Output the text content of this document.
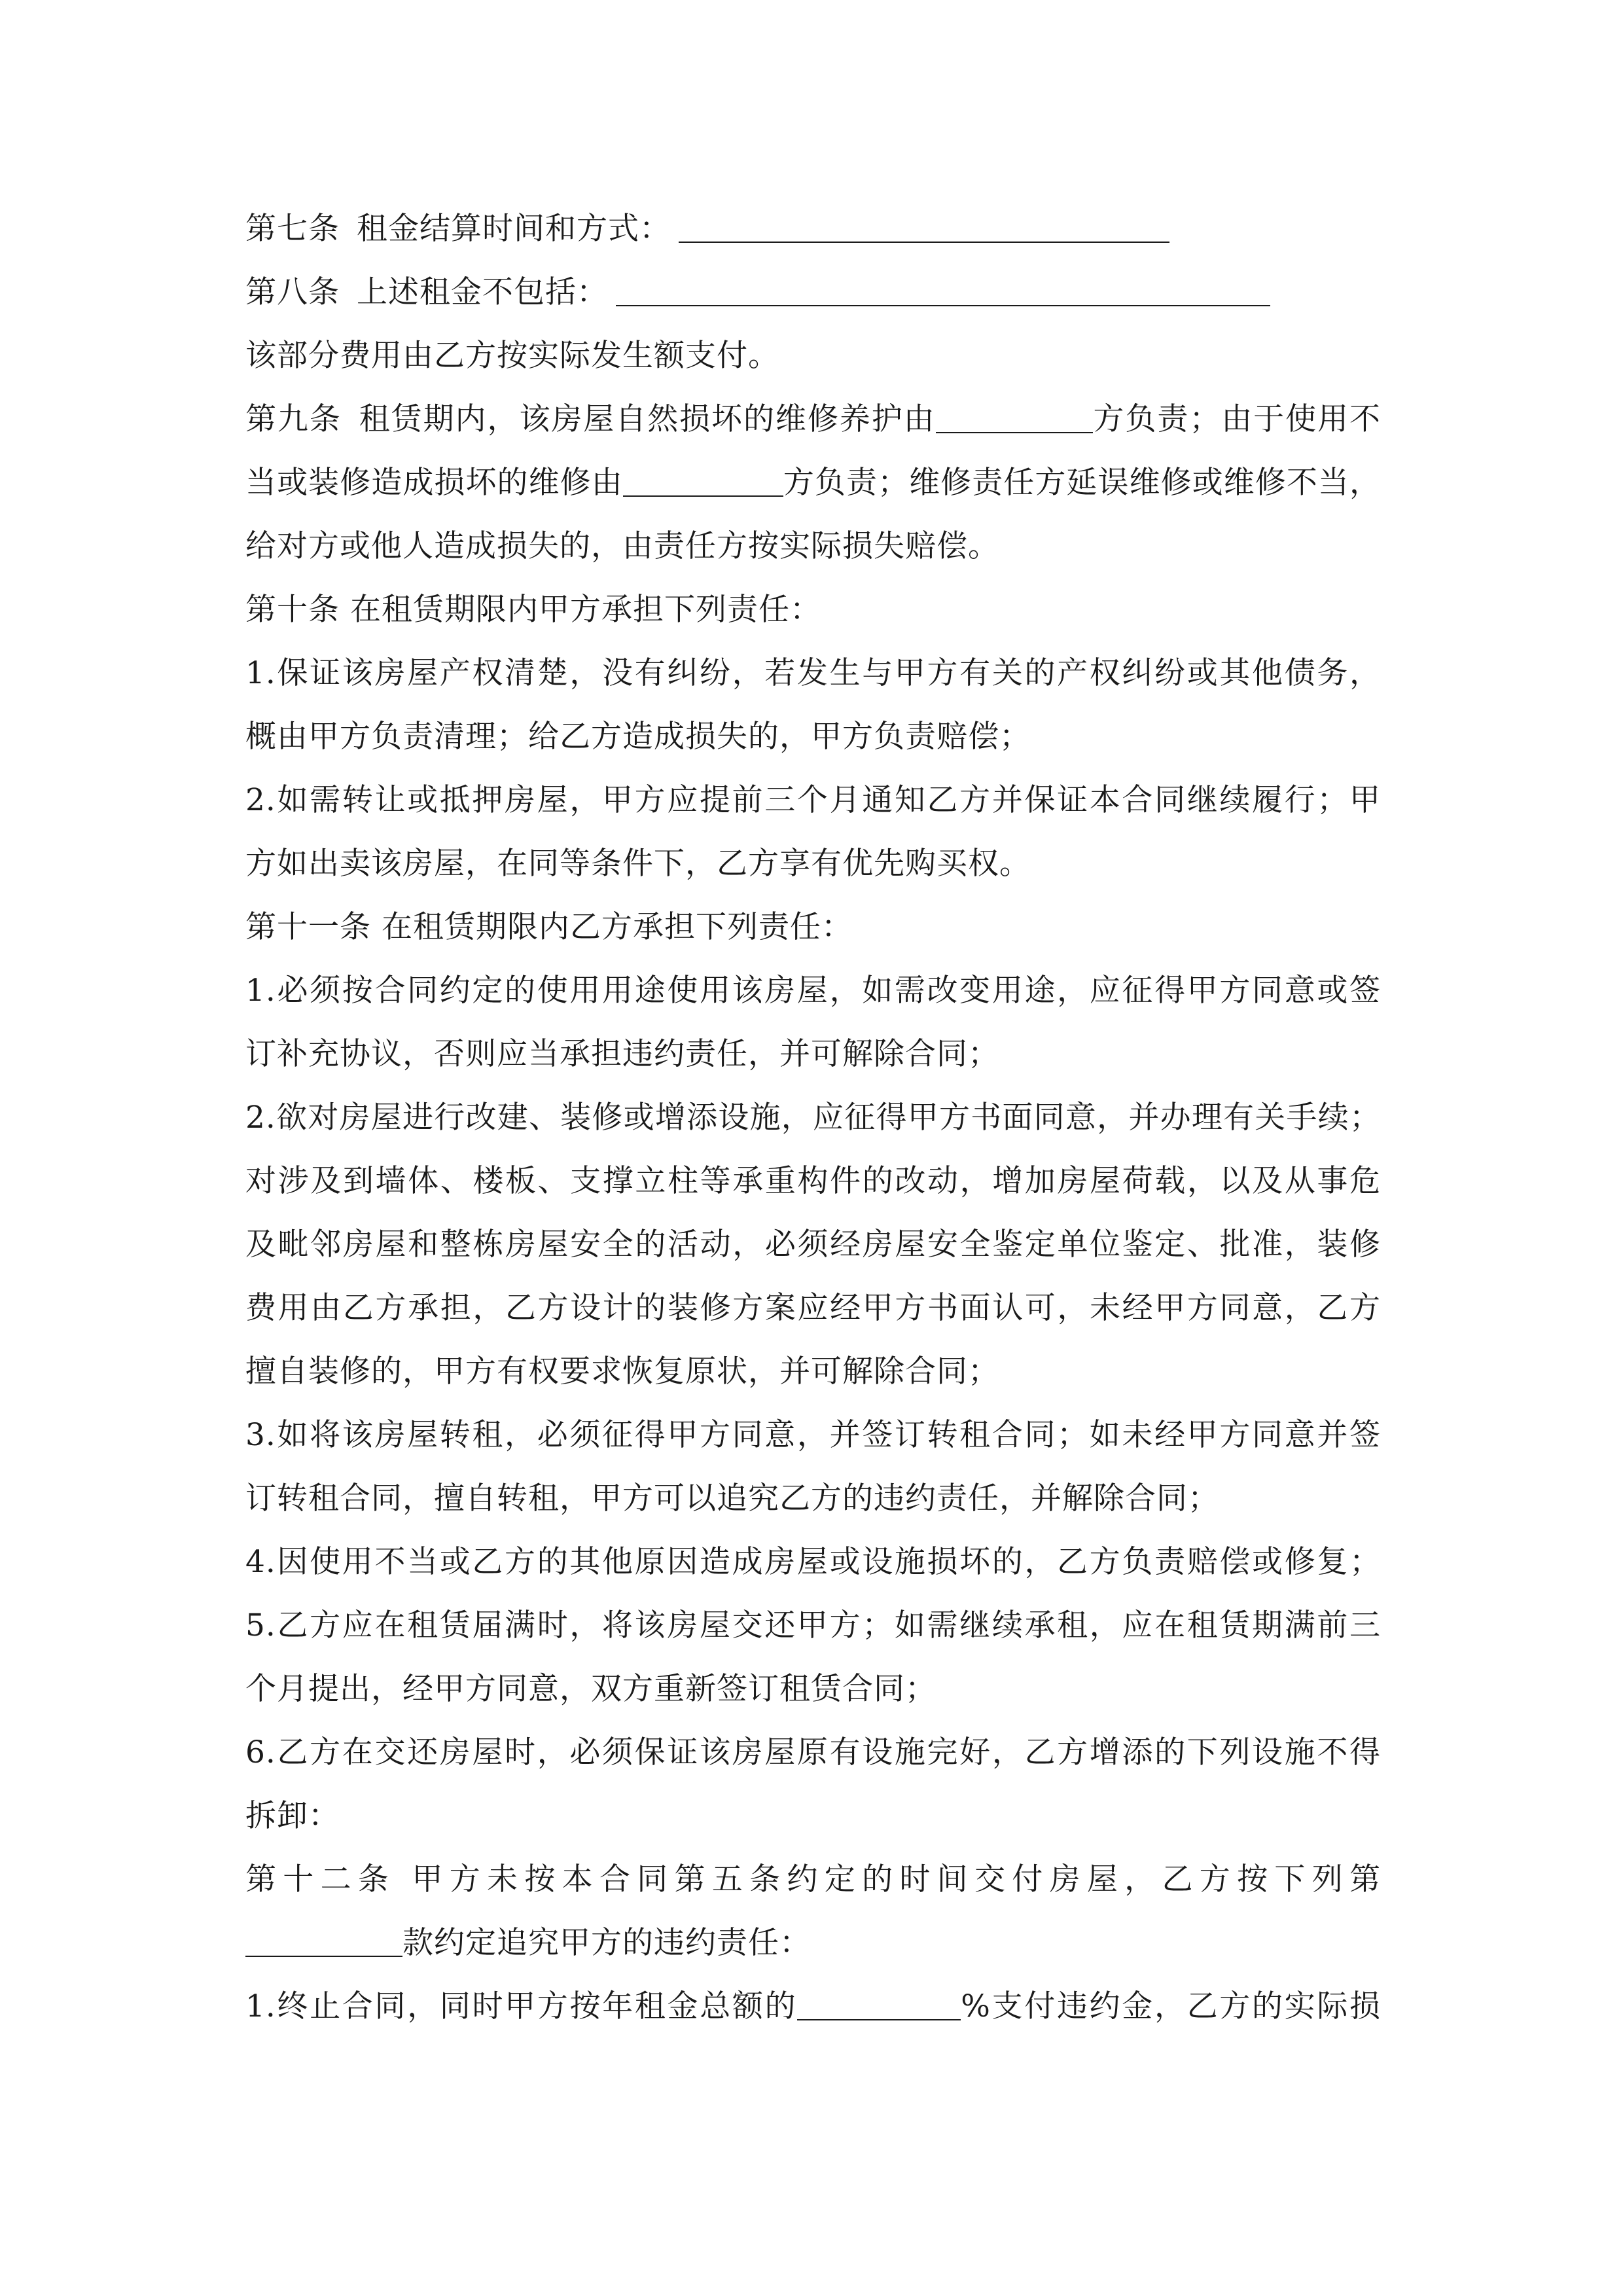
第七条 租金结算时间和方式：
第八条 上述租金不包括：
该部分费用由乙方按实际发生额支付。
第九条 租赁期内，该房屋自然损坏的维修养护由	方负责；由于使用不
当或装修造成损坏的维修由	方负责；维修责任方延误维修或维修不当，
给对方或他人造成损失的，由责任方按实际损失赔偿。
第十条 在租赁期限内甲方承担下列责任：
1.保证该房屋产权清楚，没有纠纷，若发生与甲方有关的产权纠纷或其他债务，
概由甲方负责清理；给乙方造成损失的，甲方负责赔偿；
2.如需转让或抵押房屋，甲方应提前三个月通知乙方并保证本合同继续履行；甲
方如出卖该房屋，在同等条件下，乙方享有优先购买权。
第十一条 在租赁期限内乙方承担下列责任：
1.必须按合同约定的使用用途使用该房屋，如需改变用途，应征得甲方同意或签
订补充协议，否则应当承担违约责任，并可解除合同；
2.欲对房屋进行改建、装修或增添设施，应征得甲方书面同意，并办理有关手续；
对涉及到墙体、楼板、支撑立柱等承重构件的改动，增加房屋荷载，以及从事危
及毗邻房屋和整栋房屋安全的活动，必须经房屋安全鉴定单位鉴定、批准，装修
费用由乙方承担，乙方设计的装修方案应经甲方书面认可，未经甲方同意，乙方
擅自装修的，甲方有权要求恢复原状，并可解除合同；
3.如将该房屋转租，必须征得甲方同意，并签订转租合同；如未经甲方同意并签
订转租合同，擅自转租，甲方可以追究乙方的违约责任，并解除合同；
4.因使用不当或乙方的其他原因造成房屋或设施损坏的，乙方负责赔偿或修复；
5.乙方应在租赁届满时，将该房屋交还甲方；如需继续承租，应在租赁期满前三
个月提出，经甲方同意，双方重新签订租赁合同；
6.乙方在交还房屋时，必须保证该房屋原有设施完好，乙方增添的下列设施不得
拆卸：
第十二条 甲方未按本合同第五条约定的时间交付房屋，乙方按下列第
款约定追究甲方的违约责任：
1.终止合同，同时甲方按年租金总额的	%支付违约金，乙方的实际损
